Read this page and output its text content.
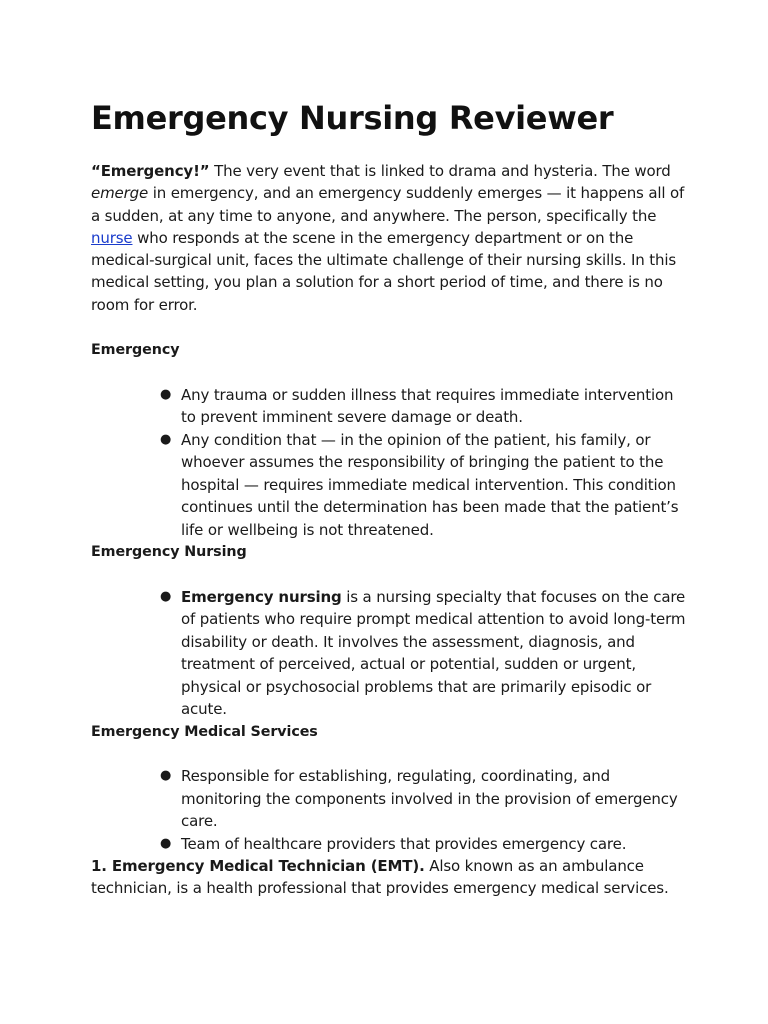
Emergency Nursing Reviewer

“Emergency!” The very event that is linked to drama and hysteria. The word emerge in emergency, and an emergency suddenly emerges — it happens all of a sudden, at any time to anyone, and anywhere. The person, specifically the nurse who responds at the scene in the emergency department or on the medical-surgical unit, faces the ultimate challenge of their nursing skills. In this medical setting, you plan a solution for a short period of time, and there is no room for error.

Emergency

● Any trauma or sudden illness that requires immediate intervention to prevent imminent severe damage or death.
● Any condition that — in the opinion of the patient, his family, or whoever assumes the responsibility of bringing the patient to the hospital — requires immediate medical intervention. This condition continues until the determination has been made that the patient’s life or wellbeing is not threatened.

Emergency Nursing

● Emergency nursing is a nursing specialty that focuses on the care of patients who require prompt medical attention to avoid long-term disability or death. It involves the assessment, diagnosis, and treatment of perceived, actual or potential, sudden or urgent, physical or psychosocial problems that are primarily episodic or acute.

Emergency Medical Services

● Responsible for establishing, regulating, coordinating, and monitoring the components involved in the provision of emergency care.
● Team of healthcare providers that provides emergency care.

1. Emergency Medical Technician (EMT). Also known as an ambulance technician, is a health professional that provides emergency medical services.
